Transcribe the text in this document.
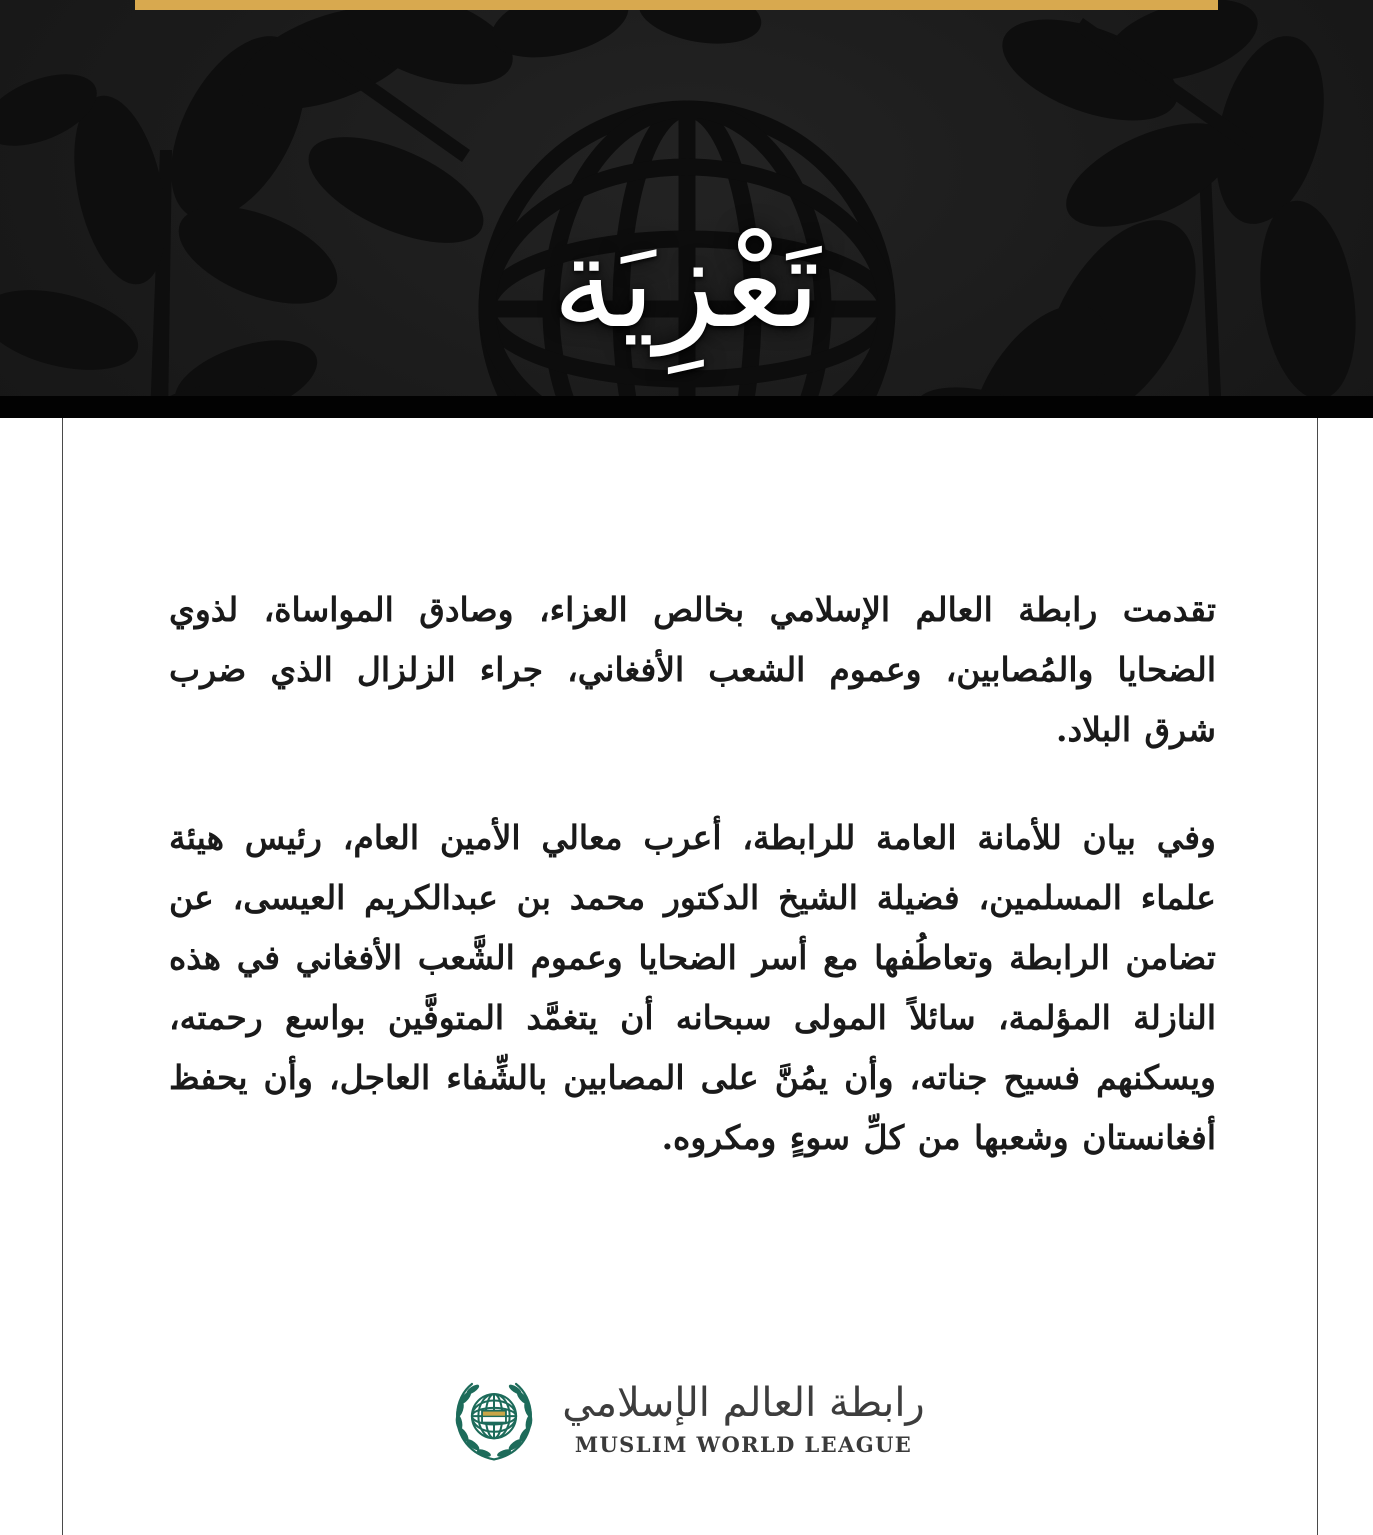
تَعْزِيَة

تقدمت رابطة العالم الإسلامي بخالص العزاء، وصادق المواساة، لذوي الضحايا والمُصابين، وعموم الشعب الأفغاني، جراء الزلزال الذي ضرب شرق البلاد.

وفي بيان للأمانة العامة للرابطة، أعرب معالي الأمين العام، رئيس هيئة علماء المسلمين، فضيلة الشيخ الدكتور محمد بن عبدالكريم العيسى، عن تضامن الرابطة وتعاطُفها مع أسر الضحايا وعموم الشَّعب الأفغاني في هذه النازلة المؤلمة، سائلاً المولى سبحانه أن يتغمَّد المتوفَّين بواسع رحمته، ويسكنهم فسيح جناته، وأن يمُنَّ على المصابين بالشِّفاء العاجل، وأن يحفظ أفغانستان وشعبها من كلِّ سوءٍ ومكروه.

رابطة العالم الإسلامي
MUSLIM WORLD LEAGUE
